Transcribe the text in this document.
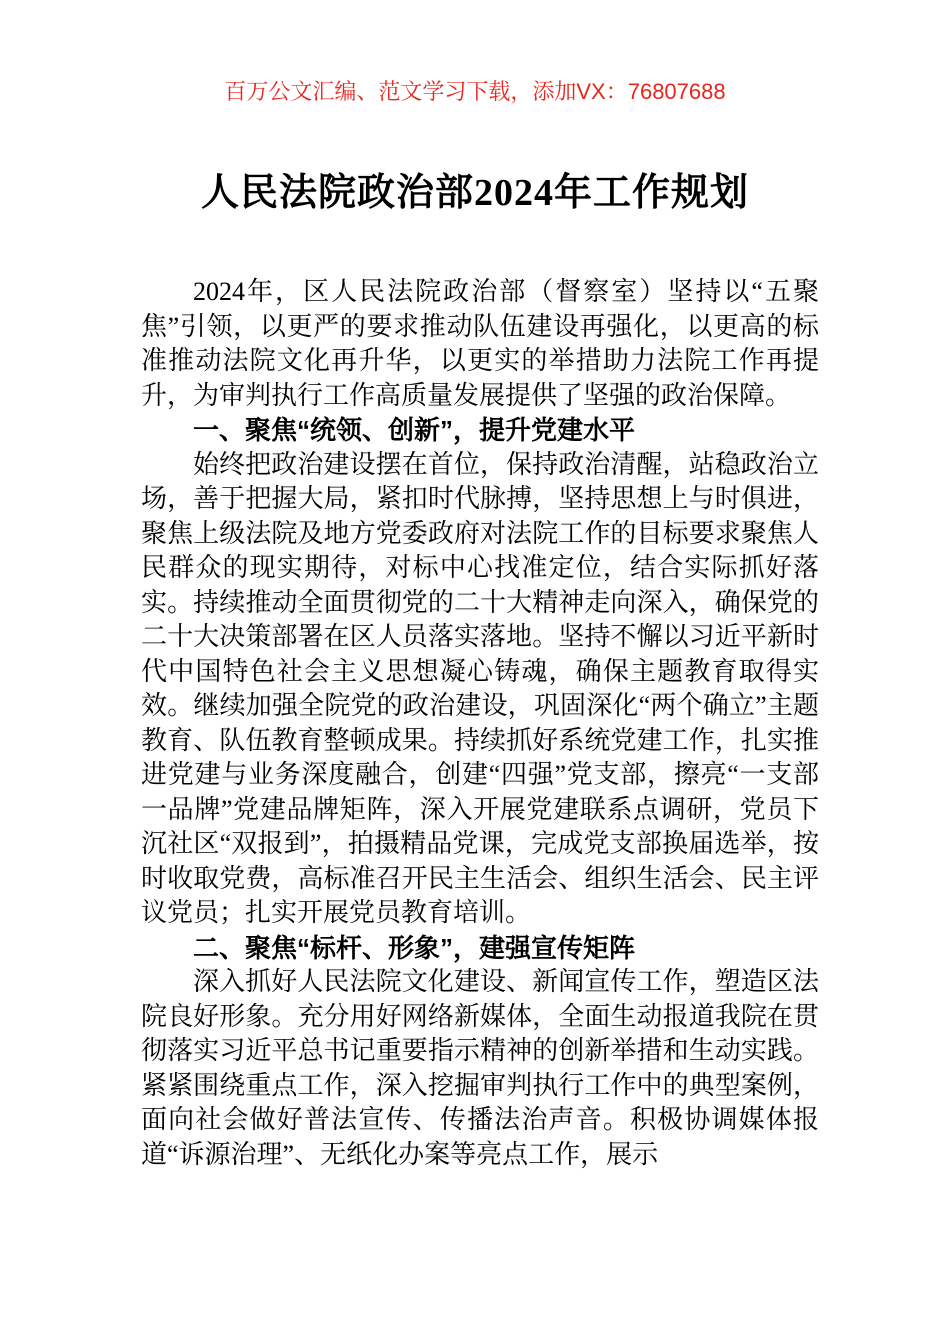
百万公文汇编、范文学习下载，添加VX：76807688
人民法院政治部2024年工作规划

2024年，区人民法院政治部（督察室）坚持以“五聚焦”引领，以更严的要求推动队伍建设再强化，以更高的标准推动法院文化再升华，以更实的举措助力法院工作再提升，为审判执行工作高质量发展提供了坚强的政治保障。

一、聚焦“统领、创新”，提升党建水平

始终把政治建设摆在首位，保持政治清醒，站稳政治立场，善于把握大局，紧扣时代脉搏，坚持思想上与时俱进，聚焦上级法院及地方党委政府对法院工作的目标要求聚焦人民群众的现实期待，对标中心找准定位，结合实际抓好落实。持续推动全面贯彻党的二十大精神走向深入，确保党的二十大决策部署在区人员落实落地。坚持不懈以习近平新时代中国特色社会主义思想凝心铸魂，确保主题教育取得实效。继续加强全院党的政治建设，巩固深化“两个确立”主题教育、队伍教育整顿成果。持续抓好系统党建工作，扎实推进党建与业务深度融合，创建“四强”党支部，擦亮“一支部一品牌”党建品牌矩阵，深入开展党建联系点调研，党员下沉社区“双报到”，拍摄精品党课，完成党支部换届选举，按时收取党费，高标准召开民主生活会、组织生活会、民主评议党员；扎实开展党员教育培训。

二、聚焦“标杆、形象”，建强宣传矩阵

深入抓好人民法院文化建设、新闻宣传工作，塑造区法院良好形象。充分用好网络新媒体，全面生动报道我院在贯彻落实习近平总书记重要指示精神的创新举措和生动实践。紧紧围绕重点工作，深入挖掘审判执行工作中的典型案例，面向社会做好普法宣传、传播法治声音。积极协调媒体报道“诉源治理”、无纸化办案等亮点工作，展示
